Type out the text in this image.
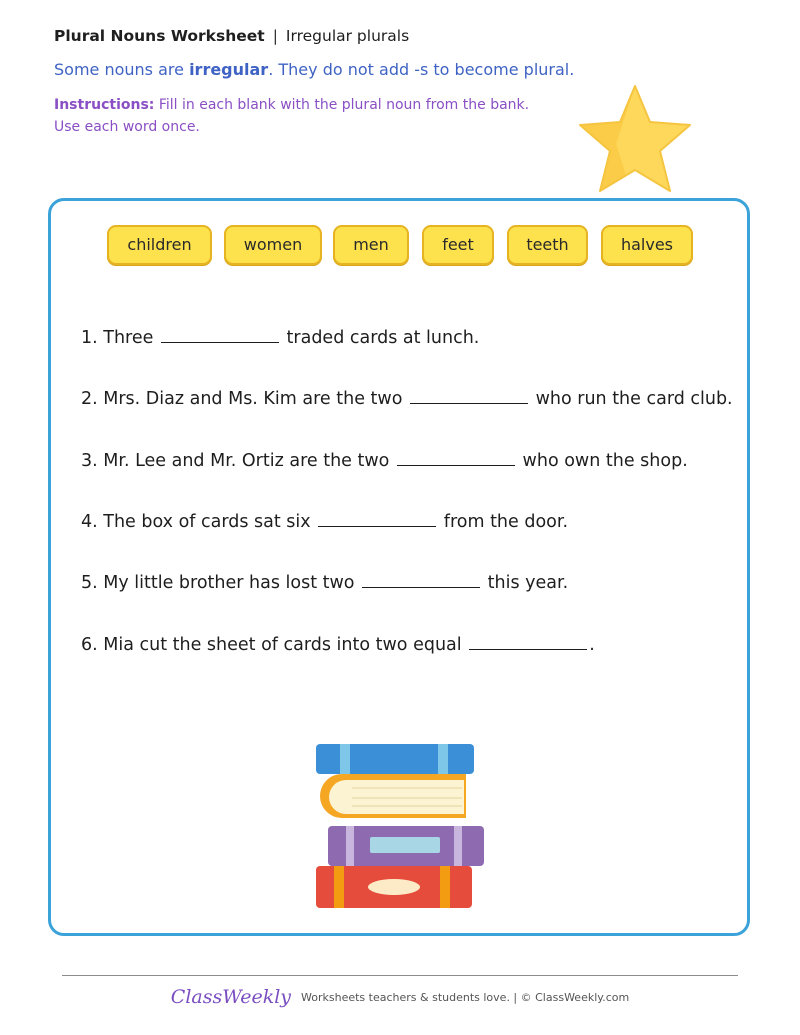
Plural Nouns Worksheet | Irregular plurals
Some nouns are irregular. They do not add -s to become plural.
Instructions: Fill in each blank with the plural noun from the bank.
Use each word once.
children	women	men	feet	teeth	halves
1. Three	traded cards at lunch.
2. Mrs. Diaz and Ms. Kim are the two	who run the card club.
3. Mr. Lee and Mr. Ortiz are the two	who own the shop.
4. The box of cards sat six	from the door.
5. My little brother has lost two	this year.
6. Mia cut the sheet of cards into two equal	.
ClassWeekly Worksheets teachers & students love. | © ClassWeekly.com
